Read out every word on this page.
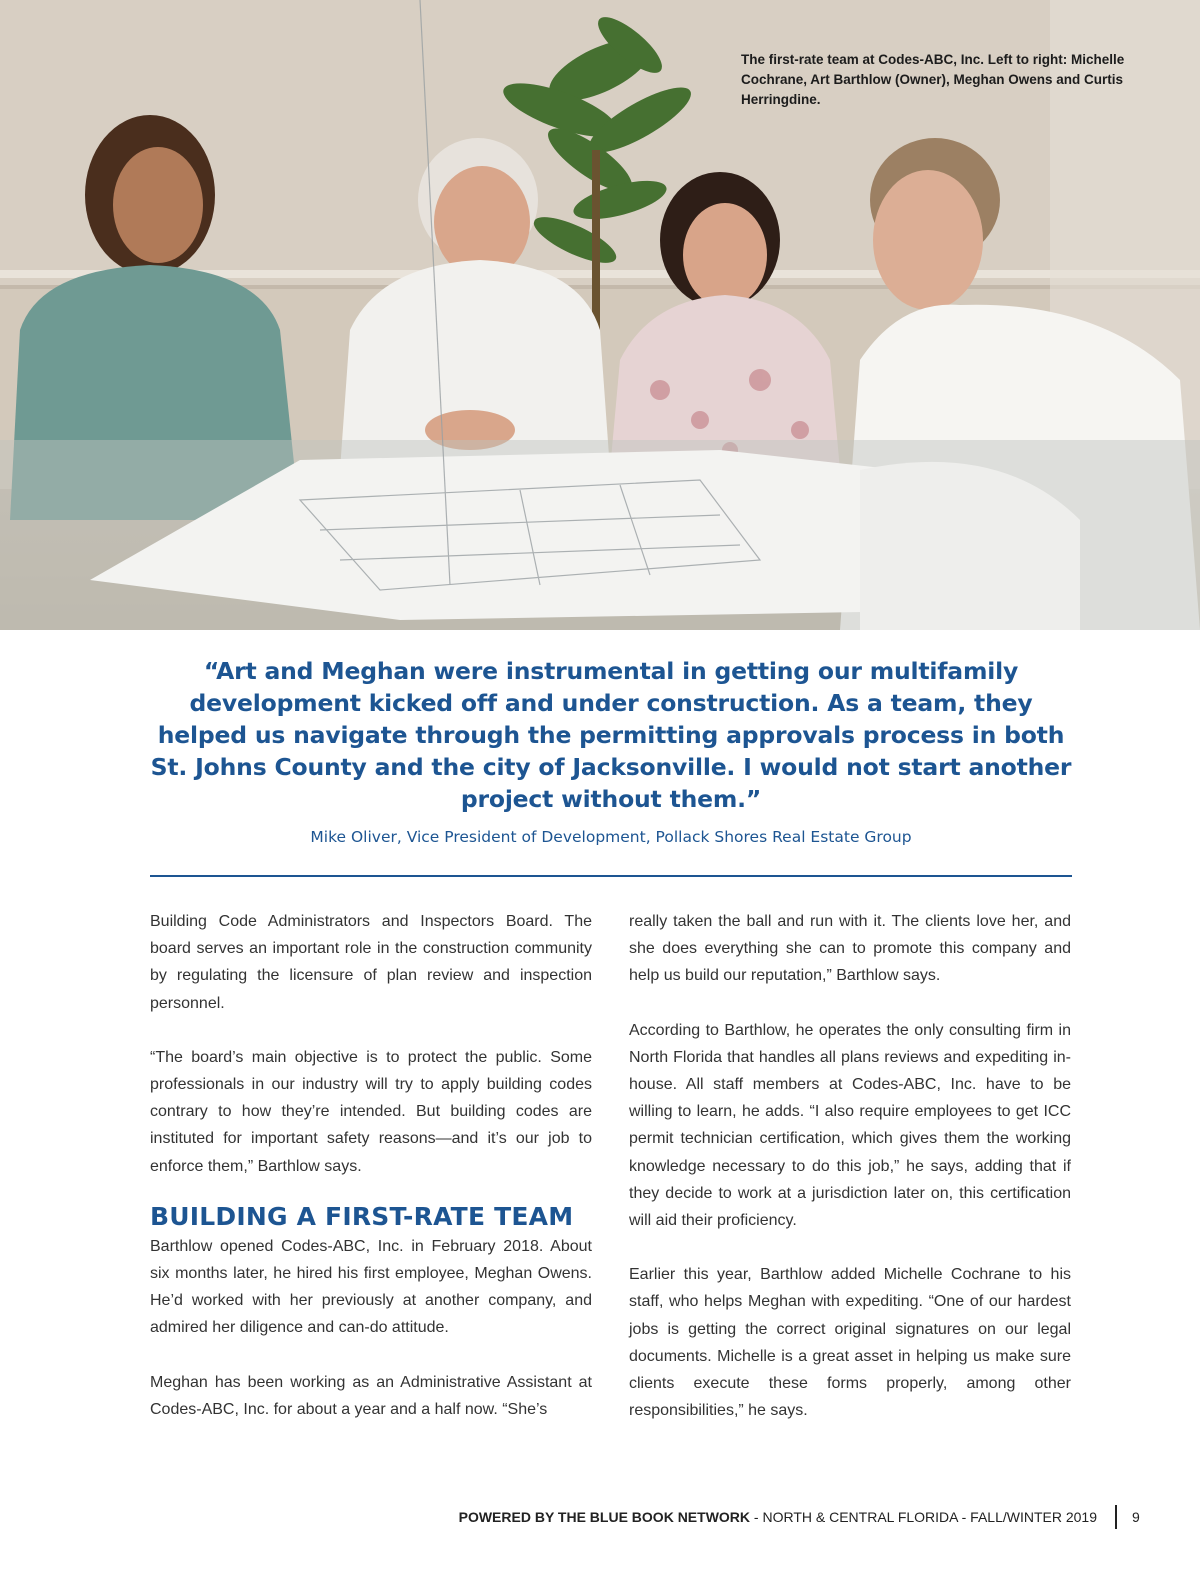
The first-rate team at Codes-ABC, Inc. Left to right: Michelle Cochrane, Art Barthlow (Owner), Meghan Owens and Curtis Herringdine.
“Art and Meghan were instrumental in getting our multifamily development kicked off and under construction. As a team, they helped us navigate through the permitting approvals process in both St. Johns County and the city of Jacksonville. I would not start another project without them.”
Mike Oliver, Vice President of Development, Pollack Shores Real Estate Group

Building Code Administrators and Inspectors Board. The board serves an important role in the construction community by regulating the licensure of plan review and inspection personnel.

“The board’s main objective is to protect the public. Some professionals in our industry will try to apply building codes contrary to how they’re intended. But building codes are instituted for important safety reasons—and it’s our job to enforce them,” Barthlow says.

BUILDING A FIRST-RATE TEAM

Barthlow opened Codes-ABC, Inc. in February 2018. About six months later, he hired his first employee, Meghan Owens. He’d worked with her previously at another company, and admired her diligence and can-do attitude.

Meghan has been working as an Administrative Assistant at Codes-ABC, Inc. for about a year and a half now. “She’s

really taken the ball and run with it. The clients love her, and she does everything she can to promote this company and help us build our reputation,” Barthlow says.

According to Barthlow, he operates the only consulting firm in North Florida that handles all plans reviews and expediting in-house. All staff members at Codes-ABC, Inc. have to be willing to learn, he adds. “I also require employees to get ICC permit technician certification, which gives them the working knowledge necessary to do this job,” he says, adding that if they decide to work at a jurisdiction later on, this certification will aid their proficiency.

Earlier this year, Barthlow added Michelle Cochrane to his staff, who helps Meghan with expediting. “One of our hardest jobs is getting the correct original signatures on our legal documents. Michelle is a great asset in helping us make sure clients execute these forms properly, among other responsibilities,” he says.

POWERED BY THE BLUE BOOK NETWORK - NORTH & CENTRAL FLORIDA - FALL/WINTER 2019	9
